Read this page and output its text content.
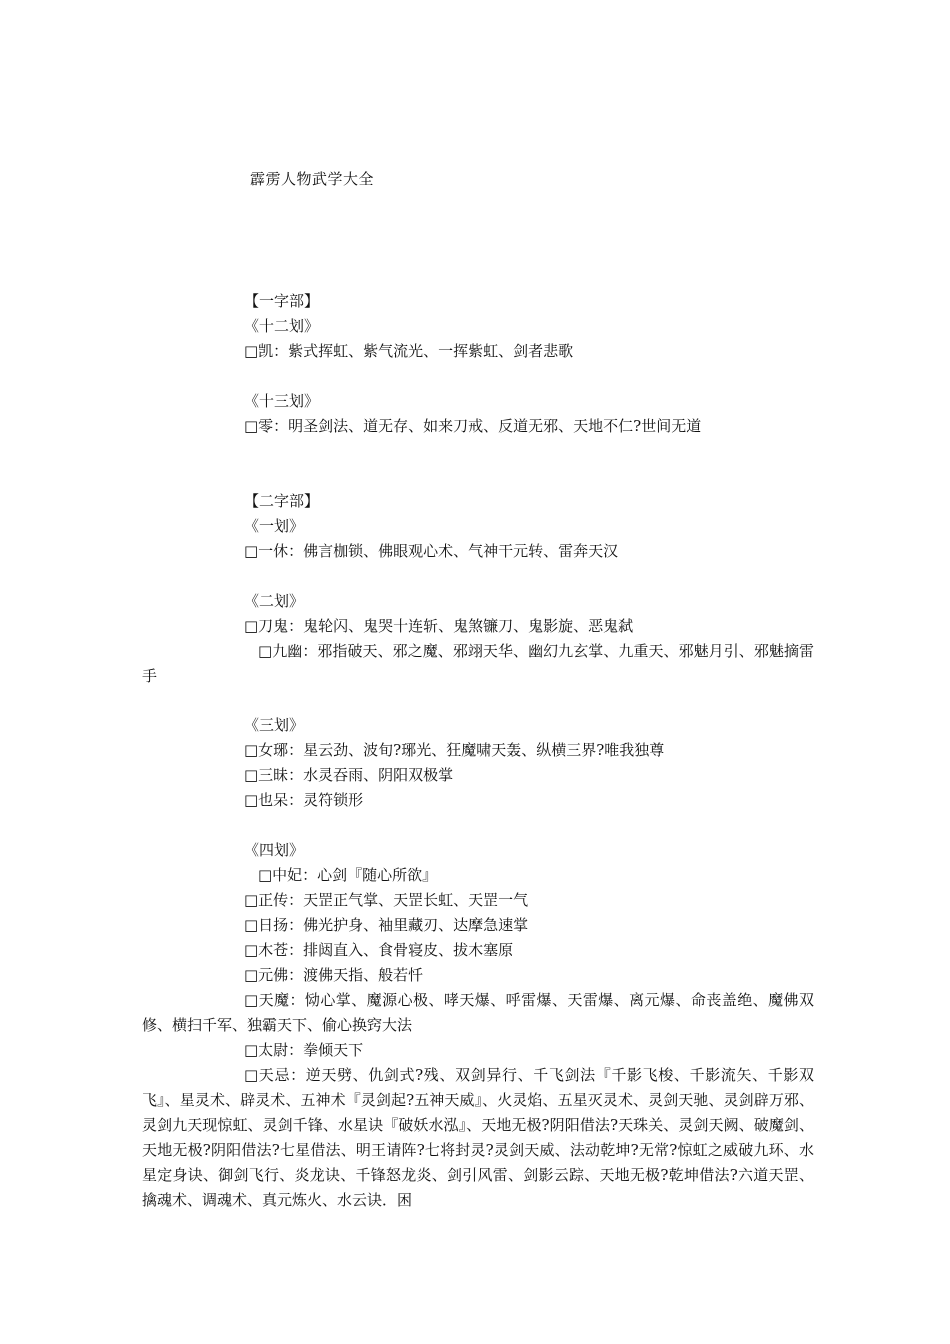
霹雳人物武学大全
【一字部】
《十二划》
□凯：紫式挥虹、紫气流光、一挥紫虹、剑者悲歌
《十三划》
□零：明圣剑法、道无存、如来刀戒、反道无邪、天地不仁?世间无道
【二字部】
《一划》
□一休：佛言枷锁、佛眼观心术、气神干元转、雷奔天汉
《二划》
□刀鬼：鬼轮闪、鬼哭十连斩、鬼煞镰刀、鬼影旋、恶鬼弑
□九幽：邪指破天、邪之魔、邪翊天华、幽幻九玄掌、九重天、邪魅月引、邪魅摘雷手
《三划》
□女琊：星云劲、波旬?琊光、狂魔啸天轰、纵横三界?唯我独尊
□三昧：水灵吞雨、阴阳双极掌
□也呆：灵符锁形
《四划》
□中妃：心剑『随心所欲』
□正传：天罡正气掌、天罡长虹、天罡一气
□日扬：佛光护身、袖里藏刃、达摩急速掌
□木苍：排闼直入、食骨寝皮、拔木塞原
□元佛：渡佛天指、般若忏
□天魔：恸心掌、魔源心极、哮天爆、呼雷爆、天雷爆、离元爆、命丧盖绝、魔佛双修、横扫千军、独霸天下、偷心换窍大法
□太尉：拳倾天下
□天忌：逆天劈、仇剑式?残、双剑异行、千飞剑法『千影飞梭、千影流矢、千影双飞』、星灵术、辟灵术、五神术『灵剑起?五神天威』、火灵焰、五星灭灵术、灵剑天驰、灵剑辟万邪、灵剑九天现惊虹、灵剑千锋、水星诀『破妖水泓』、天地无极?阴阳借法?天珠关、灵剑天阙、破魔剑、天地无极?阴阳借法?七星借法、明王请阵?七将封灵?灵剑天威、法动乾坤?无常?惊虹之威破九环、水星定身诀、御剑飞行、炎龙诀、千锋怒龙炎、剑引风雷、剑影云踪、天地无极?乾坤借法?六道天罡、擒魂术、调魂术、真元炼火、水云诀．困
